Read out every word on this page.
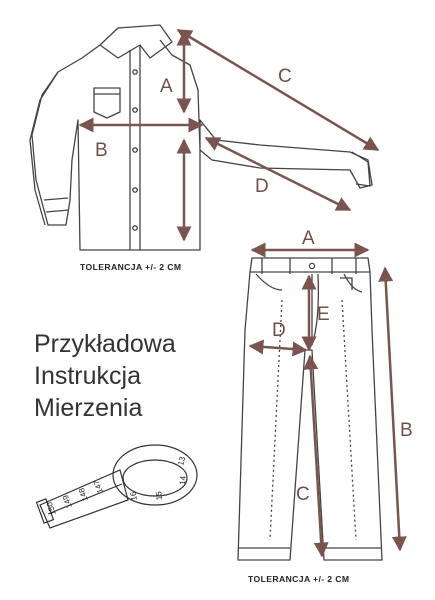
A
B
C
D
TOLERANCJA +/- 2 CM
Przykładowa
Instrukcja
Mierzenia
13
14
15
16
147
148
149
150
A
B
C
D
E
TOLERANCJA +/- 2 CM
